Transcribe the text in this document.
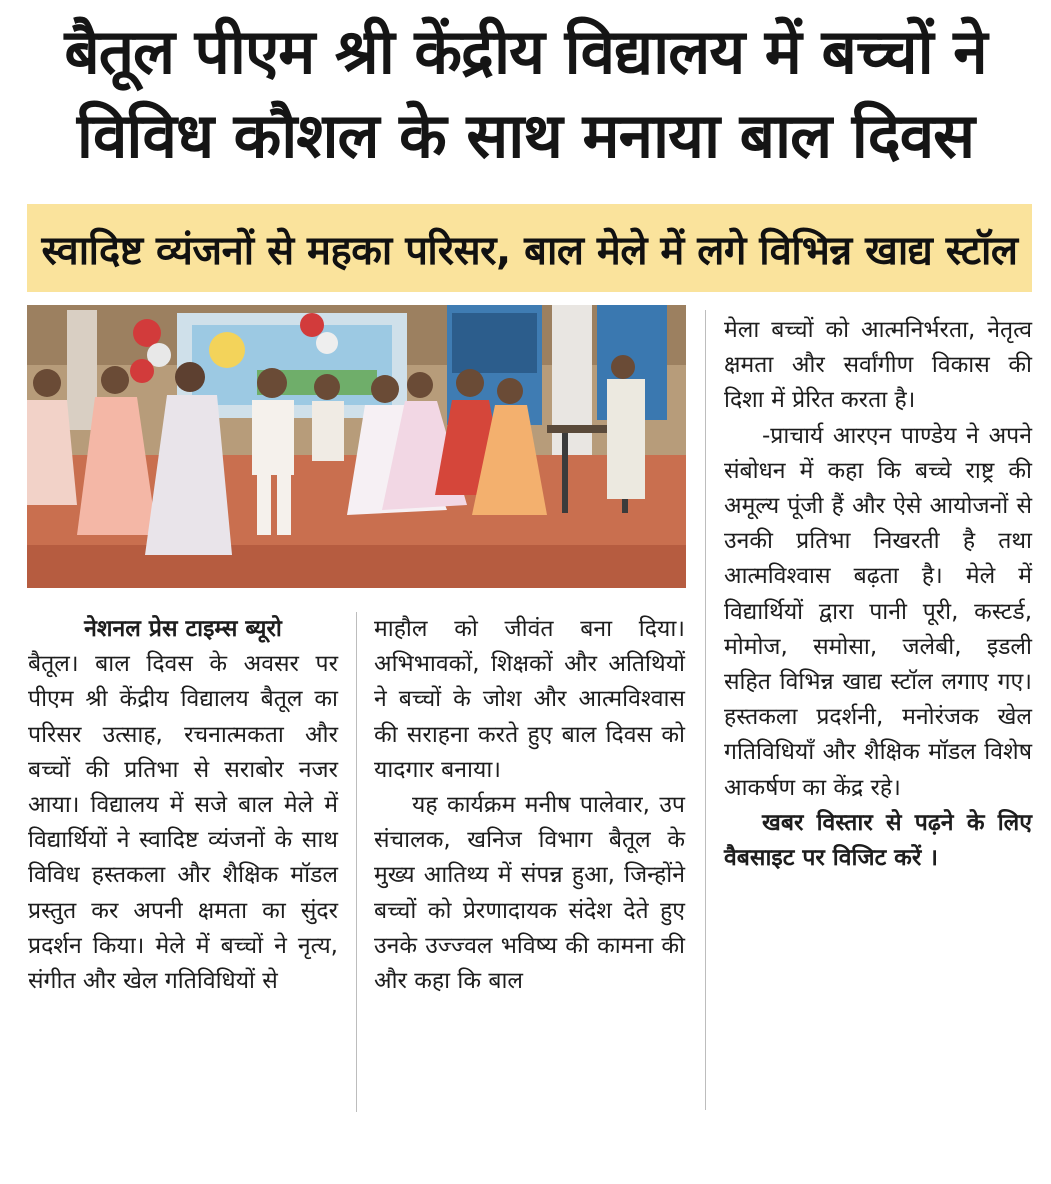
बैतूल पीएम श्री केंद्रीय विद्यालय में बच्चों ने
विविध कौशल के साथ मनाया बाल दिवस
स्वादिष्ट व्यंजनों से महका परिसर, बाल मेले में लगे विभिन्न खाद्य स्टॉल

नेशनल प्रेस टाइम्स ब्यूरो

बैतूल। बाल दिवस के अवसर पर पीएम श्री केंद्रीय विद्यालय बैतूल का परिसर उत्साह, रचनात्मकता और बच्चों की प्रतिभा से सराबोर नजर आया। विद्यालय में सजे बाल मेले में विद्यार्थियों ने स्वादिष्ट व्यंजनों के साथ विविध हस्तकला और शैक्षिक मॉडल प्रस्तुत कर अपनी क्षमता का सुंदर प्रदर्शन किया। मेले में बच्चों ने नृत्य, संगीत और खेल गतिविधियों से

माहौल को जीवंत बना दिया। अभिभावकों, शिक्षकों और अतिथियों ने बच्चों के जोश और आत्मविश्वास की सराहना करते हुए बाल दिवस को यादगार बनाया।

यह कार्यक्रम मनीष पालेवार, उप संचालक, खनिज विभाग बैतूल के मुख्य आतिथ्य में संपन्न हुआ, जिन्होंने बच्चों को प्रेरणादायक संदेश देते हुए उनके उज्ज्वल भविष्य की कामना की और कहा कि बाल

मेला बच्चों को आत्मनिर्भरता, नेतृत्व क्षमता और सर्वांगीण विकास की दिशा में प्रेरित करता है।

-प्राचार्य आरएन पाण्डेय ने अपने संबोधन में कहा कि बच्चे राष्ट्र की अमूल्य पूंजी हैं और ऐसे आयोजनों से उनकी प्रतिभा निखरती है तथा आत्मविश्वास बढ़ता है। मेले में विद्यार्थियों द्वारा पानी पूरी, कस्टर्ड, मोमोज, समोसा, जलेबी, इडली सहित विभिन्न खाद्य स्टॉल लगाए गए। हस्तकला प्रदर्शनी, मनोरंजक खेल गतिविधियाँ और शैक्षिक मॉडल विशेष आकर्षण का केंद्र रहे।

खबर विस्तार से पढ़ने के लिए वैबसाइट पर विजिट करें ।
